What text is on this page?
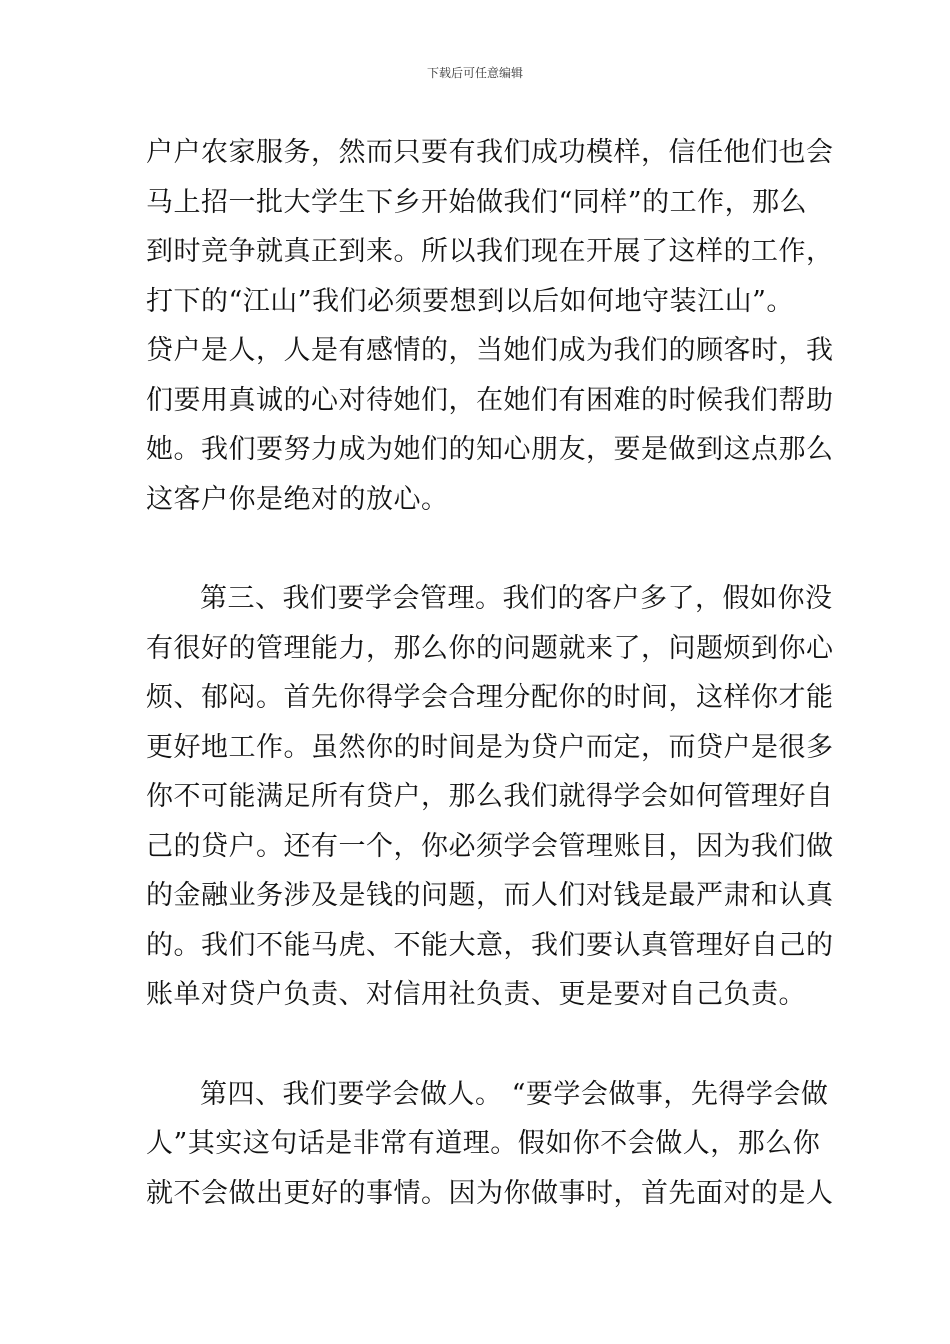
下载后可任意编辑
户户农家服务，然而只要有我们成功模样，信任他们也会
马上招一批大学生下乡开始做我们“同样”的工作，那么
到时竞争就真正到来。所以我们现在开展了这样的工作，
打下的“江山”我们必须要想到以后如何地守装江山”。
贷户是人，人是有感情的，当她们成为我们的顾客时，我
们要用真诚的心对待她们，在她们有困难的时候我们帮助
她。我们要努力成为她们的知心朋友，要是做到这点那么
这客户你是绝对的放心。
第三、我们要学会管理。我们的客户多了，假如你没
有很好的管理能力，那么你的问题就来了，问题烦到你心
烦、郁闷。首先你得学会合理分配你的时间，这样你才能
更好地工作。虽然你的时间是为贷户而定，而贷户是很多
你不可能满足所有贷户，那么我们就得学会如何管理好自
己的贷户。还有一个，你必须学会管理账目，因为我们做
的金融业务涉及是钱的问题，而人们对钱是最严肃和认真
的。我们不能马虎、不能大意，我们要认真管理好自己的
账单对贷户负责、对信用社负责、更是要对自己负责。
第四、我们要学会做人。 “要学会做事，先得学会做
人”其实这句话是非常有道理。假如你不会做人，那么你
就不会做出更好的事情。因为你做事时，首先面对的是人
